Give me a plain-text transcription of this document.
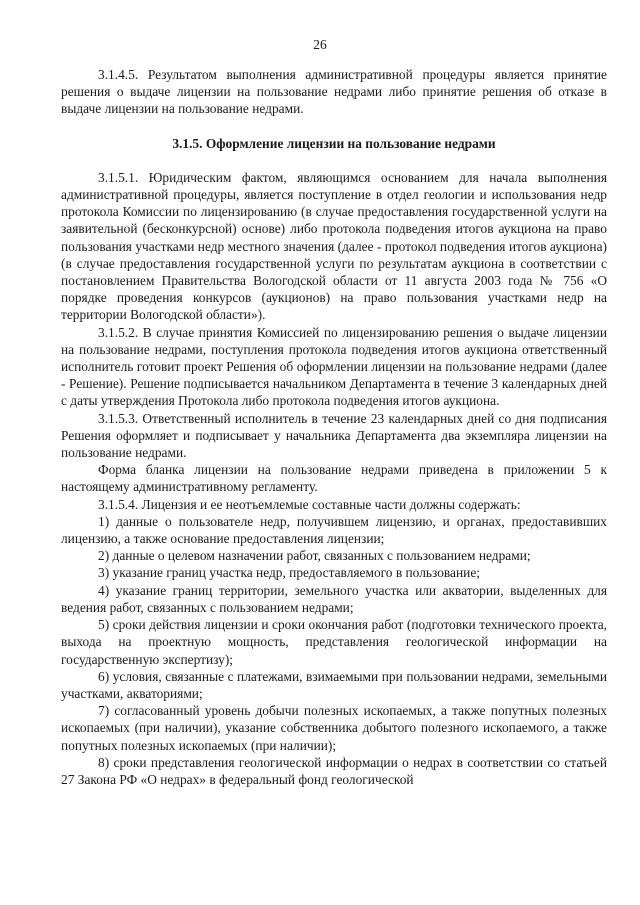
26

3.1.4.5. Результатом выполнения административной процедуры является принятие решения о выдаче лицензии на пользование недрами либо принятие решения об отказе в выдаче лицензии на пользование недрами.

3.1.5. Оформление лицензии на пользование недрами

3.1.5.1. Юридическим фактом, являющимся основанием для начала выполнения административной процедуры, является поступление в отдел геологии и использования недр протокола Комиссии по лицензированию (в случае предоставления государственной услуги на заявительной (бесконкурсной) основе) либо протокола подведения итогов аукциона на право пользования участками недр местного значения (далее - протокол подведения итогов аукциона) (в случае предоставления государственной услуги по результатам аукциона в соответствии с постановлением Правительства Вологодской области от 11 августа 2003 года № 756 «О порядке проведения конкурсов (аукционов) на право пользования участками недр на территории Вологодской области»).

3.1.5.2. В случае принятия Комиссией по лицензированию решения о выдаче лицензии на пользование недрами, поступления протокола подведения итогов аукциона ответственный исполнитель готовит проект Решения об оформлении лицензии на пользование недрами (далее - Решение). Решение подписывается начальником Департамента в течение 3 календарных дней с даты утверждения Протокола либо протокола подведения итогов аукциона.

3.1.5.3. Ответственный исполнитель в течение 23 календарных дней со дня подписания Решения оформляет и подписывает у начальника Департамента два экземпляра лицензии на пользование недрами.

Форма бланка лицензии на пользование недрами приведена в приложении 5 к настоящему административному регламенту.

3.1.5.4. Лицензия и ее неотъемлемые составные части должны содержать:

1) данные о пользователе недр, получившем лицензию, и органах, предоставивших лицензию, а также основание предоставления лицензии;

2) данные о целевом назначении работ, связанных с пользованием недрами;

3) указание границ участка недр, предоставляемого в пользование;

4) указание границ территории, земельного участка или акватории, выделенных для ведения работ, связанных с пользованием недрами;

5) сроки действия лицензии и сроки окончания работ (подготовки технического проекта, выхода на проектную мощность, представления геологической информации на государственную экспертизу);

6) условия, связанные с платежами, взимаемыми при пользовании недрами, земельными участками, акваториями;

7) согласованный уровень добычи полезных ископаемых, а также попутных полезных ископаемых (при наличии), указание собственника добытого полезного ископаемого, а также попутных полезных ископаемых (при наличии);

8) сроки представления геологической информации о недрах в соответствии со статьей 27 Закона РФ «О недрах» в федеральный фонд геологической
